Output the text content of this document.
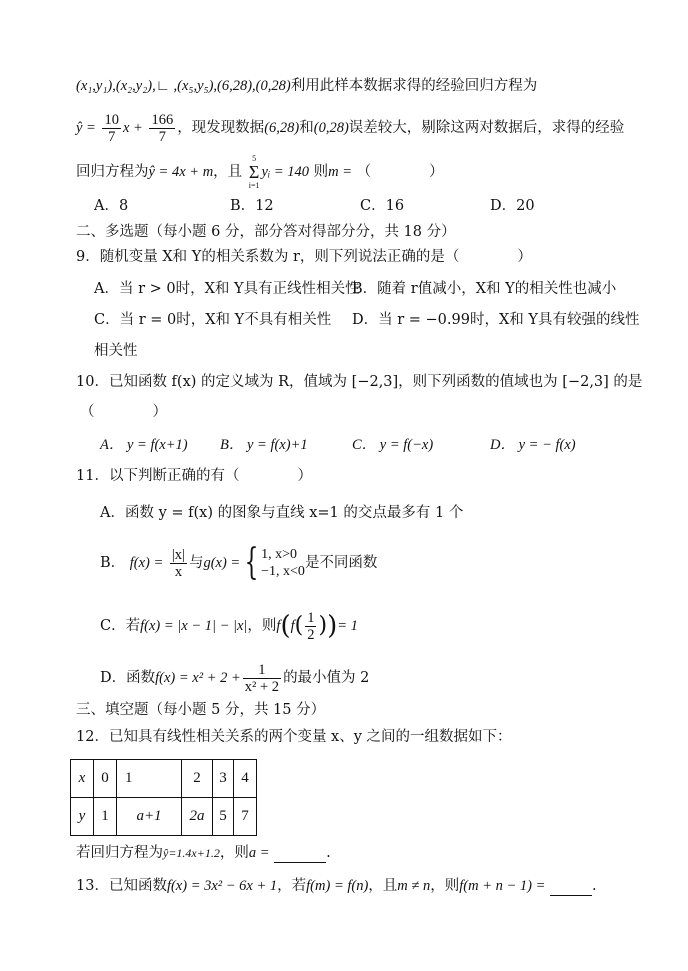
(x₁,y₁),(x₂,y₂),∟ ,(x₅,y₅),(6,28),(0,28)利用此样本数据求得的经验回归方程为
ŷ = $\frac{10}{7}$ $x + \frac{166}{7}$ ，现发现数据(6,28)和(0,28)误差较大，剔除这两对数据后，求得的经验
回归方程为ŷ = 4x + m，且
5
Σ
i=1
yᵢ = 140 则m = （　　　　）
A．8	B．12	C．16	D．20
二、多选题（每小题 6 分，部分答对得部分分，共 18 分）
9．随机变量 X和 Y的相关系数为 r，则下列说法正确的是（　　　　）
A．当 r > 0时，X和 Y具有正线性相关性
B．随着 r值减小，X和 Y的相关性也减小
C．当 r = 0时，X和 Y不具有相关性 D．当 r = −0.99时，X和 Y具有较强的线性
相关性
10．已知函数 f(x) 的定义域为 R，值域为 [−2,3]，则下列函数的值域也为 [−2,3] 的是
（　　　　）
A． y = f(x+1) B． y = f(x)+1	C． y = f(−x)	D． y = − f(x)
11．以下判断正确的有（　　　　）
A．函数 y = f(x) 的图象与直线 x=1 的交点最多有 1 个
B． $f(x) = \frac{|x|}{x}$ 与g(x) = { 1, x>0
−1, x<0
是不同函数
C．若f(x) = |x − 1| − |x|，则$f(f( \frac{1}{2}$ ))= 1
D．函数$f(x) = x^2 + 2 + \frac{1}{\text{x² + 2}}$ 的最小值为 2
三、填空题（每小题 5 分，共 15 分）
12．已知具有线性相关关系的两个变量 x、y 之间的一组数据如下：
x	0	1	2	3	4
y	1	a+1	2a	5	7
若回归方程为ŷ=1.4x+1.2，则a =	.
13．已知函数f(x) = 3x² − 6x + 1，若f(m) = f(n)，且m ≠ n，则f(m + n − 1) =	.
